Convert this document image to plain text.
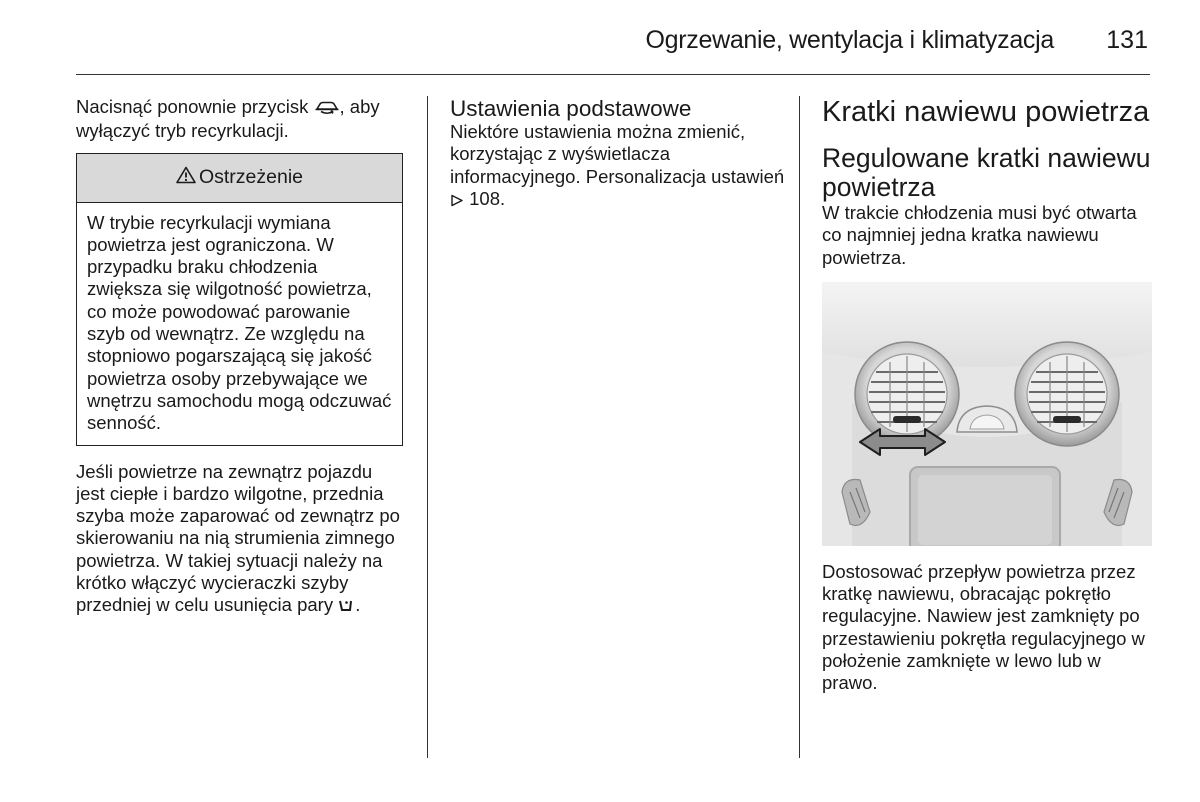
Ogrzewanie, wentylacja i klimatyzacja 131

Nacisnąć ponownie przycisk , aby wyłączyć tryb recyrkulacji.

Ostrzeżenie

W trybie recyrkulacji wymiana powietrza jest ograniczona. W przypadku braku chłodzenia zwiększa się wilgotność powietrza, co może powodować parowanie szyb od wewnątrz. Ze względu na stopniowo pogarszającą się jakość powietrza osoby przebywające we wnętrzu samochodu mogą odczuwać senność.

Jeśli powietrze na zewnątrz pojazdu jest ciepłe i bardzo wilgotne, przednia szyba może zaparować od zewnątrz po skierowaniu na nią strumienia zimnego powietrza. W takiej sytuacji należy na krótko włączyć wycieraczki szyby przedniej w celu usunięcia pary .

Ustawienia podstawowe

Niektóre ustawienia można zmienić, korzystając z wyświetlacza informacyjnego. Personalizacja ustawień  108.

Kratki nawiewu powietrza
Regulowane kratki nawiewu powietrza

W trakcie chłodzenia musi być otwarta co najmniej jedna kratka nawiewu powietrza.

Dostosować przepływ powietrza przez kratkę nawiewu, obracając pokrętło regulacyjne. Nawiew jest zamknięty po przestawieniu pokrętła regulacyjnego w położenie zamknięte w lewo lub w prawo.
